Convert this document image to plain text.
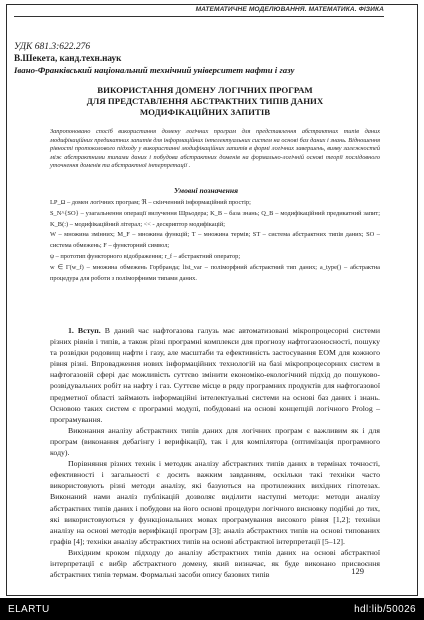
МАТЕМАТИЧНЕ МОДЕЛЮВАННЯ. МАТЕМАТИКА. ФІЗИКА
УДК 681.3:622.276
В.Шекета, канд.техн.наук
Івано-Франківський національний технічний університет нафти і газу
ВИКОРИСТАННЯ ДОМЕНУ ЛОГІЧНИХ ПРОГРАМ
ДЛЯ ПРЕДСТАВЛЕННЯ АБСТРАКТНИХ ТИПІВ ДАНИХ
МОДИФІКАЦІЙНИХ ЗАПИТІВ
Запропоновано спосіб використання домену логічних програм для представлення абстрактних типів даних модифікаційних предикатних запитів для інформаційних інтелектуальних систем на основі баз даних і знань. Відношення рівності протоколового підходу у використанні модифікаційних запитів в формі логічних завершень, вияву залежностей між абстрактними типами даних і побудова абстрактних доменів на формально-логічній основі теорії послідовного уточнення доменів та абстрактної інтерпретації .
Умовні позначення

LP_Ω – домен логічних програм; ℜ – скінченний інформаційний простір;

S_N^{SO} – узагальнення операції вилучення Шрьодера; K_B – база знань; Q_B – модифікаційний предикатний запит; K_B(:) – модифікаційний літерал; << - дескриптор модифікацій;

W – множина змінних; M_F – множина функцій; T – множина термів; ST – система абстрактних типів даних; SO – система обмежень; F – функторний символ;

ψ – прототип функторного відображення; r_f – абстрактний оператор;

w ∈ Γ(w_f) – множина обмежень Горбранда; list_var – поліморфний абстрактний тип даних; a_type() – абстрактна процедура для роботи з поліморфними типами даних.

1. Вступ. В даний час нафтогазова галузь має автоматизовані мікропроцесорні системи різних рівнів і типів, а також різні програмні комплекси для прогнозу нафтогазоносності, пошуку та розвідки родовищ нафти і газу, але масштаби та ефективність застосування ЕОМ для кожного рівня різні. Впровадження нових інформаційних технологій на базі мікропроцесорних систем в нафтогазовій сфері дає можливість суттєво змінити економіко-екологічний підхід до пошуково-розвідувальних робіт на нафту і газ. Суттєве місце в ряду програмних продуктів для нафтогазової предметної області займають інформаційні інтелектуальні системи на основі баз даних і знань. Основою таких систем є програмні модулі, побудовані на основі концепцій логічного Prolog – програмування.

Виконання аналізу абстрактних типів даних для логічних програм є важливим як і для програм (виконання дебагінгу і верифікації), так і для компілятора (оптимізація програмного коду).

Порівняння різних технік і методик аналізу абстрактних типів даних в термінах точності, ефективності і загальності є досить важким завданням, оскільки такі техніки часто використовують різні методи аналізу, які базуються на протилежних вихідних гіпотезах. Виконаний нами аналіз публікацій дозволяє виділити наступні методи: методи аналізу абстрактних типів даних і побудови на його основі процедури логічного висновку подібні до тих, які використовуються у функціональних мовах програмування високого рівня [1,2]; техніки аналізу на основі методів верифікації програм [3]; аналіз абстрактних типів на основі типованих графів [4]; техніки аналізу абстрактних типів на основі абстрактної інтерпретації [5–12].

Вихідним кроком підходу до аналізу абстрактних типів даних на основі абстрактної інтерпретації є вибір абстрактного домену, який визначає, як буде виконано присвоєння абстрактних типів термам. Формальні засоби опису базових типів	129
ELARTU	hdl:lib/50026
